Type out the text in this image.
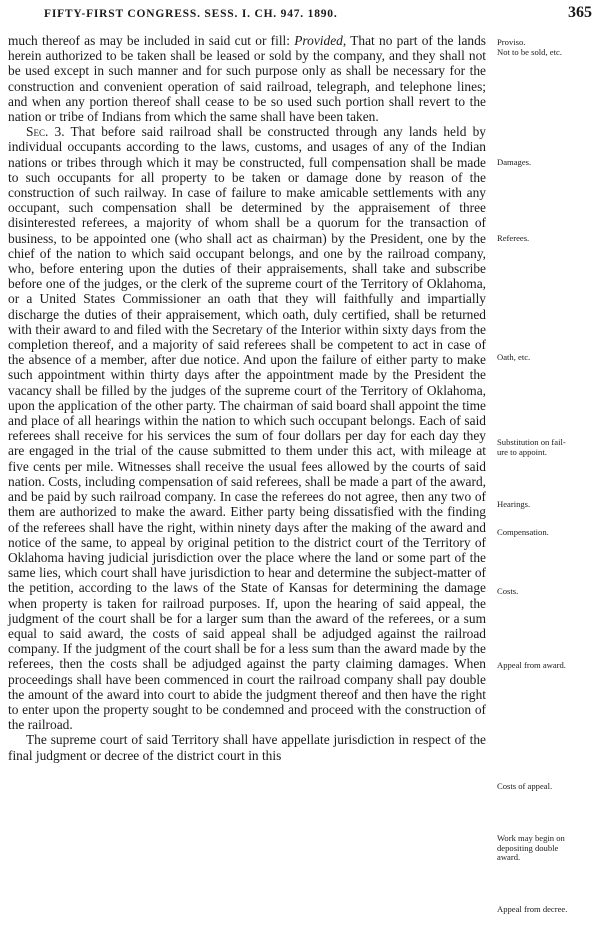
FIFTY-FIRST CONGRESS. SESS. I. CH. 947. 1890.	365

much thereof as may be included in said cut or fill: Provided, That no part of the lands herein authorized to be taken shall be leased or sold by the company, and they shall not be used except in such manner and for such purpose only as shall be necessary for the construction and convenient operation of said railroad, telegraph, and telephone lines; and when any portion thereof shall cease to be so used such portion shall revert to the nation or tribe of Indians from which the same shall have been taken.

Sec. 3. That before said railroad shall be constructed through any lands held by individual occupants according to the laws, customs, and usages of any of the Indian nations or tribes through which it may be constructed, full compensation shall be made to such occupants for all property to be taken or damage done by reason of the construction of such railway. In case of failure to make amicable settlements with any occupant, such compensation shall be determined by the appraisement of three disinterested referees, a majority of whom shall be a quorum for the transaction of business, to be appointed one (who shall act as chairman) by the President, one by the chief of the nation to which said occupant belongs, and one by the railroad company, who, before entering upon the duties of their appraisements, shall take and subscribe before one of the judges, or the clerk of the supreme court of the Territory of Oklahoma, or a United States Commissioner an oath that they will faithfully and impartially discharge the duties of their appraisement, which oath, duly certified, shall be returned with their award to and filed with the Secretary of the Interior within sixty days from the completion thereof, and a majority of said referees shall be competent to act in case of the absence of a member, after due notice. And upon the failure of either party to make such appointment within thirty days after the appointment made by the President the vacancy shall be filled by the judges of the supreme court of the Territory of Oklahoma, upon the application of the other party. The chairman of said board shall appoint the time and place of all hearings within the nation to which such occupant belongs. Each of said referees shall receive for his services the sum of four dollars per day for each day they are engaged in the trial of the cause submitted to them under this act, with mileage at five cents per mile. Witnesses shall receive the usual fees allowed by the courts of said nation. Costs, including compensation of said referees, shall be made a part of the award, and be paid by such railroad company. In case the referees do not agree, then any two of them are authorized to make the award. Either party being dissatisfied with the finding of the referees shall have the right, within ninety days after the making of the award and notice of the same, to appeal by original petition to the district court of the Territory of Oklahoma having judicial jurisdiction over the place where the land or some part of the same lies, which court shall have jurisdiction to hear and determine the subject-matter of the petition, according to the laws of the State of Kansas for determining the damage when property is taken for railroad purposes. If, upon the hearing of said appeal, the judgment of the court shall be for a larger sum than the award of the referees, or a sum equal to said award, the costs of said appeal shall be adjudged against the railroad company. If the judgment of the court shall be for a less sum than the award made by the referees, then the costs shall be adjudged against the party claiming damages. When proceedings shall have been commenced in court the railroad company shall pay double the amount of the award into court to abide the judgment thereof and then have the right to enter upon the property sought to be condemned and proceed with the construction of the railroad.

The supreme court of said Territory shall have appellate jurisdiction in respect of the final judgment or decree of the district court in this

Proviso.
Not to be sold, etc.
Damages.
Referees.
Oath, etc.
Substitution on fail-
ure to appoint.
Hearings.
Compensation.
Costs.
Appeal from award.
Costs of appeal.
Work may begin on
depositing double
award.
Appeal from decree.
